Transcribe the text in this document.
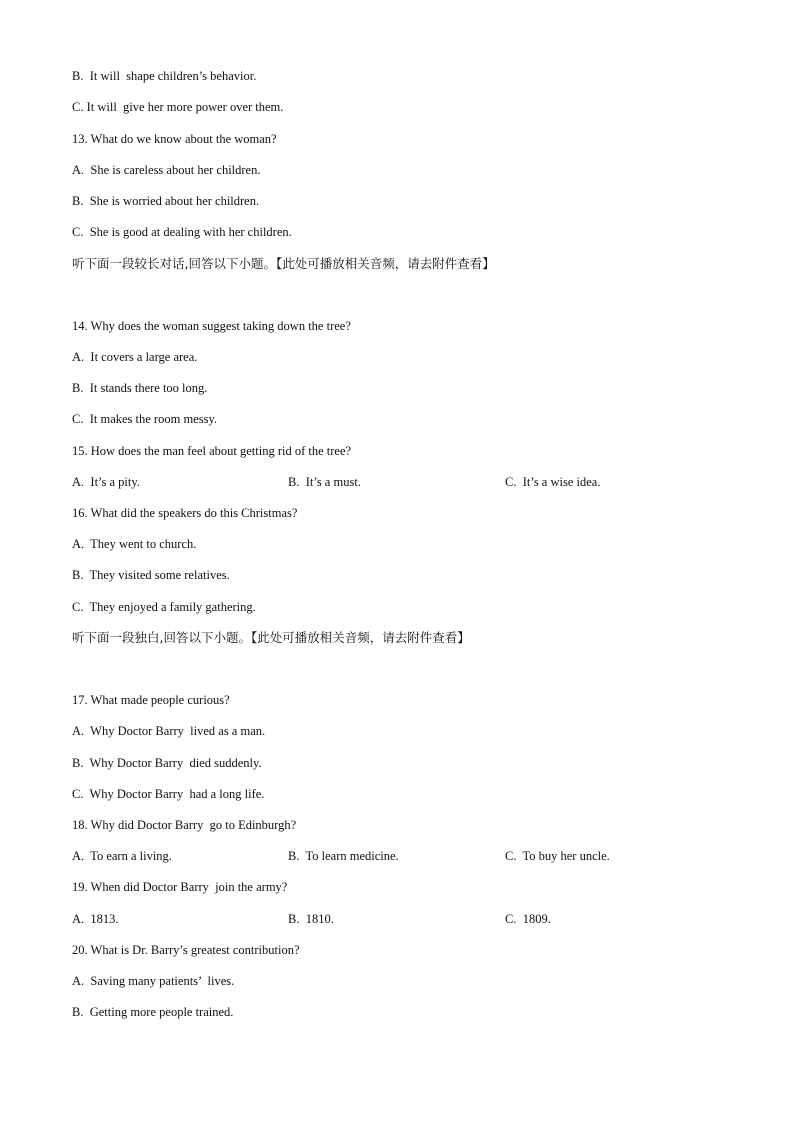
B.  It will  shape children’s behavior.
C. It will  give her more power over them.
13. What do we know about the woman?
A.  She is careless about her children.
B.  She is worried about her children.
C.  She is good at dealing with her children.
听下面一段较长对话,回答以下小题。【此处可播放相关音频，请去附件查看】
14. Why does the woman suggest taking down the tree?
A.  It covers a large area.
B.  It stands there too long.
C.  It makes the room messy.
15. How does the man feel about getting rid of the tree?
A.  It’s a pity.	B.  It’s a must.	C.  It’s a wise idea.
16. What did the speakers do this Christmas?
A.  They went to church.
B.  They visited some relatives.
C.  They enjoyed a family gathering.
听下面一段独白,回答以下小题。【此处可播放相关音频，请去附件查看】
17. What made people curious?
A.  Why Doctor Barry  lived as a man.
B.  Why Doctor Barry  died suddenly.
C.  Why Doctor Barry  had a long life.
18. Why did Doctor Barry  go to Edinburgh?
A.  To earn a living.	B.  To learn medicine.	C.  To buy her uncle.
19. When did Doctor Barry  join the army?
A.  1813.	B.  1810.	C.  1809.
20. What is Dr. Barry’s greatest contribution?
A.  Saving many patients’  lives.
B.  Getting more people trained.
